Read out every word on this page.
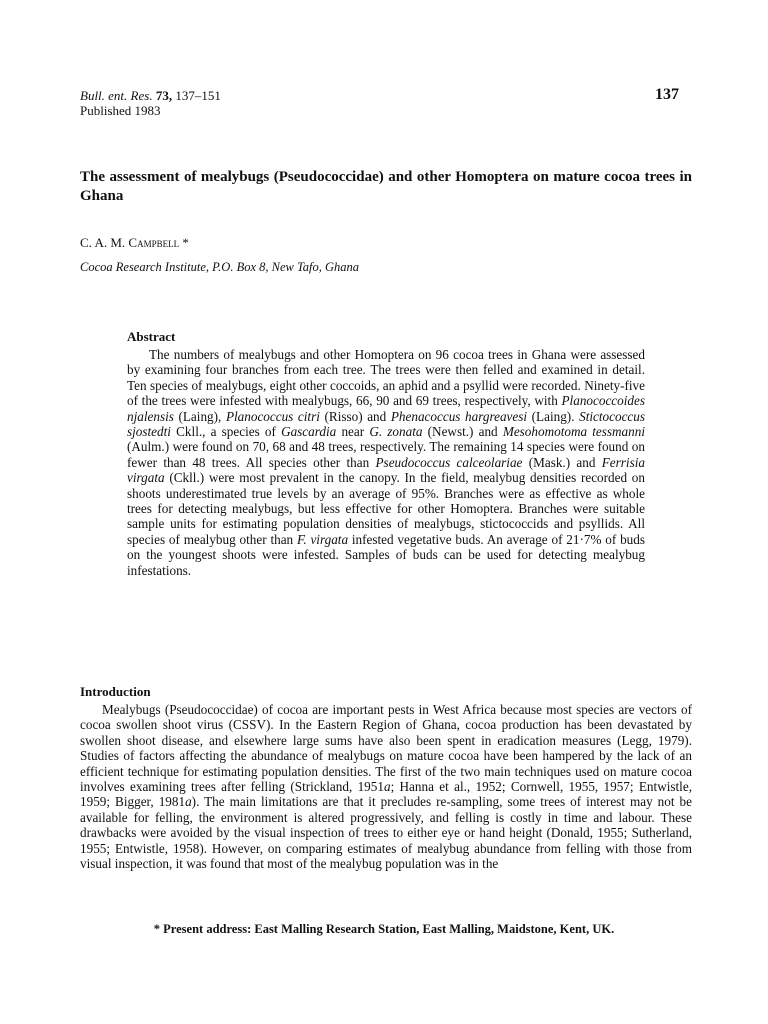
Bull. ent. Res. 73, 137–151
Published 1983
137
The assessment of mealybugs (Pseudococcidae) and other Homoptera on mature cocoa trees in Ghana
C. A. M. Campbell *
Cocoa Research Institute, P.O. Box 8, New Tafo, Ghana
Abstract
The numbers of mealybugs and other Homoptera on 96 cocoa trees in Ghana were assessed by examining four branches from each tree. The trees were then felled and examined in detail. Ten species of mealybugs, eight other coccoids, an aphid and a psyllid were recorded. Ninety-five of the trees were infested with mealybugs, 66, 90 and 69 trees, respectively, with Planococcoides njalensis (Laing), Planococcus citri (Risso) and Phenacoccus hargreavesi (Laing). Stictococcus sjostedti Ckll., a species of Gascardia near G. zonata (Newst.) and Mesohomotoma tessmanni (Aulm.) were found on 70, 68 and 48 trees, respectively. The remaining 14 species were found on fewer than 48 trees. All species other than Pseudococcus calceolariae (Mask.) and Ferrisia virgata (Ckll.) were most prevalent in the canopy. In the field, mealybug densities recorded on shoots underestimated true levels by an average of 95%. Branches were as effective as whole trees for detecting mealybugs, but less effective for other Homoptera. Branches were suitable sample units for estimating population densities of mealybugs, stictococcids and psyllids. All species of mealybug other than F. virgata infested vegetative buds. An average of 21·7% of buds on the youngest shoots were infested. Samples of buds can be used for detecting mealybug infestations.
Introduction
Mealybugs (Pseudococcidae) of cocoa are important pests in West Africa because most species are vectors of cocoa swollen shoot virus (CSSV). In the Eastern Region of Ghana, cocoa production has been devastated by swollen shoot disease, and elsewhere large sums have also been spent in eradication measures (Legg, 1979). Studies of factors affecting the abundance of mealybugs on mature cocoa have been hampered by the lack of an efficient technique for estimating population densities. The first of the two main techniques used on mature cocoa involves examining trees after felling (Strickland, 1951a; Hanna et al., 1952; Cornwell, 1955, 1957; Entwistle, 1959; Bigger, 1981a). The main limitations are that it precludes re-sampling, some trees of interest may not be available for felling, the environment is altered progressively, and felling is costly in time and labour. These drawbacks were avoided by the visual inspection of trees to either eye or hand height (Donald, 1955; Sutherland, 1955; Entwistle, 1958). However, on comparing estimates of mealybug abundance from felling with those from visual inspection, it was found that most of the mealybug population was in the
* Present address: East Malling Research Station, East Malling, Maidstone, Kent, UK.
